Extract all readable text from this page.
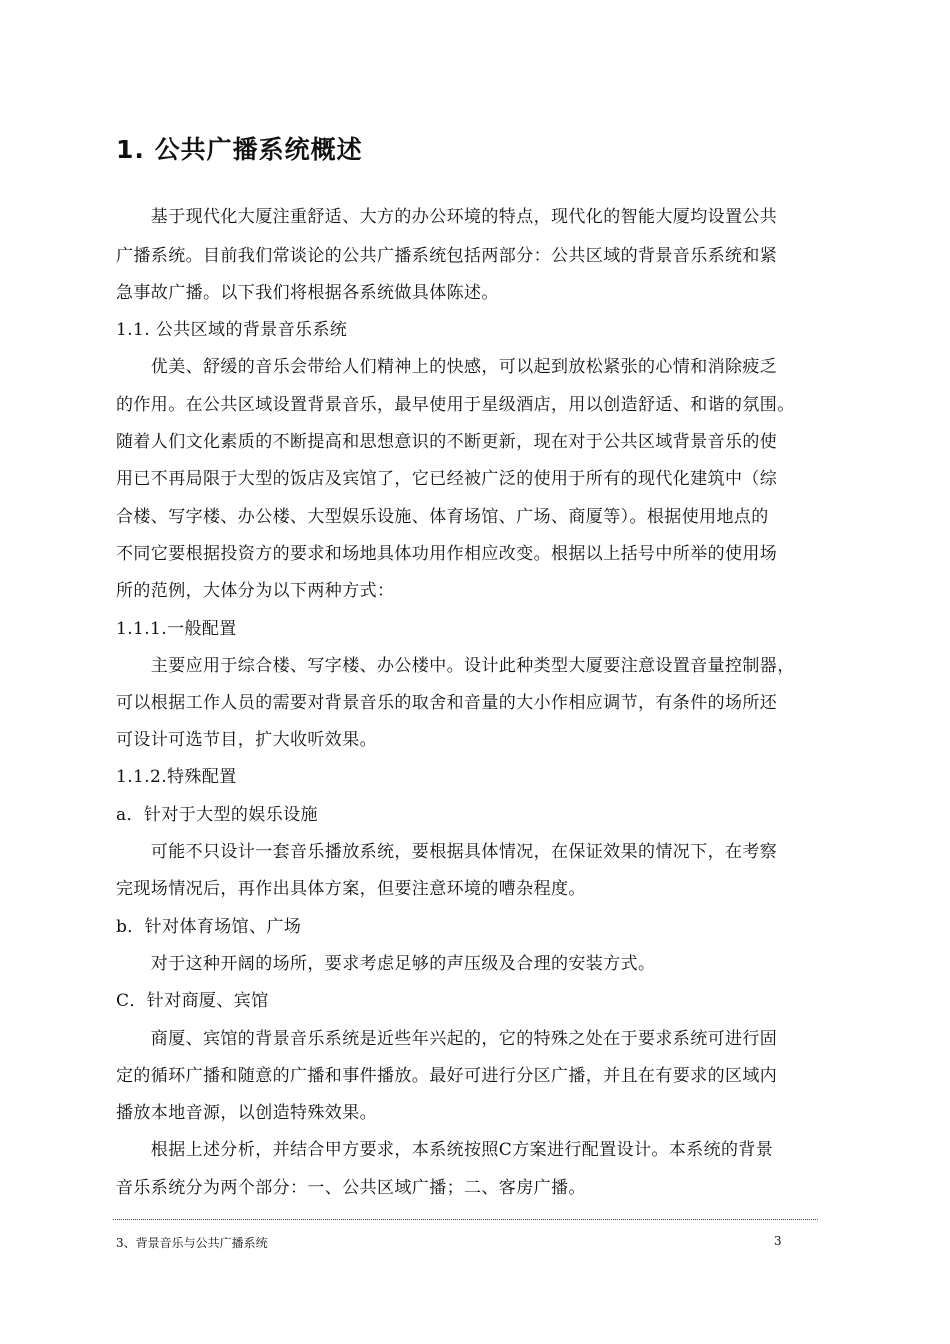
1. 公共广播系统概述
　　基于现代化大厦注重舒适、大方的办公环境的特点，现代化的智能大厦均设置公共
广播系统。目前我们常谈论的公共广播系统包括两部分：公共区域的背景音乐系统和紧
急事故广播。以下我们将根据各系统做具体陈述。
1.1. 公共区域的背景音乐系统
　　优美、舒缓的音乐会带给人们精神上的快感，可以起到放松紧张的心情和消除疲乏
的作用。在公共区域设置背景音乐，最早使用于星级酒店，用以创造舒适、和谐的氛围。
随着人们文化素质的不断提高和思想意识的不断更新，现在对于公共区域背景音乐的使
用已不再局限于大型的饭店及宾馆了，它已经被广泛的使用于所有的现代化建筑中（综
合楼、写字楼、办公楼、大型娱乐设施、体育场馆、广场、商厦等）。根据使用地点的
不同它要根据投资方的要求和场地具体功用作相应改变。根据以上括号中所举的使用场
所的范例，大体分为以下两种方式：
1.1.1.一般配置
　　主要应用于综合楼、写字楼、办公楼中。设计此种类型大厦要注意设置音量控制器，
可以根据工作人员的需要对背景音乐的取舍和音量的大小作相应调节，有条件的场所还
可设计可选节目，扩大收听效果。
1.1.2.特殊配置
a．针对于大型的娱乐设施
　　可能不只设计一套音乐播放系统，要根据具体情况，在保证效果的情况下，在考察
完现场情况后，再作出具体方案，但要注意环境的嘈杂程度。
b．针对体育场馆、广场
　　对于这种开阔的场所，要求考虑足够的声压级及合理的安装方式。
C．针对商厦、宾馆
　　商厦、宾馆的背景音乐系统是近些年兴起的，它的特殊之处在于要求系统可进行固
定的循环广播和随意的广播和事件播放。最好可进行分区广播，并且在有要求的区域内
播放本地音源，以创造特殊效果。
　　根据上述分析，并结合甲方要求，本系统按照C方案进行配置设计。本系统的背景
音乐系统分为两个部分：一、公共区域广播；二、客房广播。
3、背景音乐与公共广播系统	3
